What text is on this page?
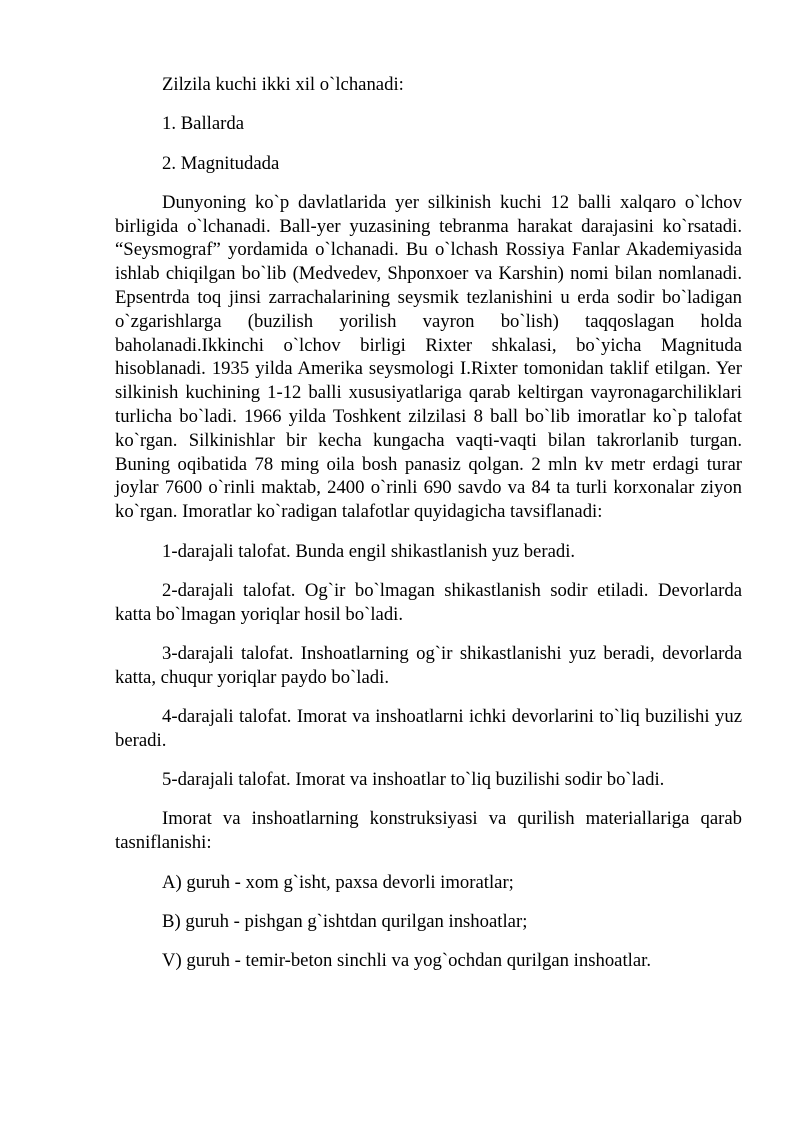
Zilzila kuchi ikki xil o`lchanadi:

1. Ballarda

2. Magnitudada

Dunyoning ko`p davlatlarida yer silkinish kuchi 12 balli xalqaro o`lchov birligida o`lchanadi. Ball-yer yuzasining tebranma harakat darajasini ko`rsatadi. “Seysmograf” yordamida o`lchanadi. Bu o`lchash Rossiya Fanlar Akademiyasida ishlab chiqilgan bo`lib (Medvedev, Shponxoer va Karshin) nomi bilan nomlanadi. Epsentrda toq jinsi zarrachalarining seysmik tezlanishini u erda sodir bo`ladigan o`zgarishlarga (buzilish yorilish vayron bo`lish) taqqoslagan holda baholanadi.Ikkinchi o`lchov birligi Rixter shkalasi, bo`yicha Magnituda hisoblanadi. 1935 yilda Amerika seysmologi I.Rixter tomonidan taklif etilgan. Yer silkinish kuchining 1-12 balli xususiyatlariga qarab keltirgan vayronagarchiliklari turlicha bo`ladi. 1966 yilda Toshkent zilzilasi 8 ball bo`lib imoratlar ko`p talofat ko`rgan. Silkinishlar bir kecha kungacha vaqti-vaqti bilan takrorlanib turgan. Buning oqibatida 78 ming oila bosh panasiz qolgan. 2 mln kv metr erdagi turar joylar 7600 o`rinli maktab, 2400 o`rinli 690 savdo va 84 ta turli korxonalar ziyon ko`rgan. Imoratlar ko`radigan talafotlar quyidagicha tavsiflanadi:

1-darajali talofat. Bunda engil shikastlanish yuz beradi.

2-darajali talofat. Og`ir bo`lmagan shikastlanish sodir etiladi. Devorlarda katta bo`lmagan yoriqlar hosil bo`ladi.

3-darajali talofat. Inshoatlarning og`ir shikastlanishi yuz beradi, devorlarda katta, chuqur yoriqlar paydo bo`ladi.

4-darajali talofat. Imorat va inshoatlarni ichki devorlarini to`liq buzilishi yuz beradi.

5-darajali talofat. Imorat va inshoatlar to`liq buzilishi sodir bo`ladi.

Imorat va inshoatlarning konstruksiyasi va qurilish materiallariga qarab tasniflanishi:

A) guruh - xom g`isht, paxsa devorli imoratlar;

B) guruh - pishgan g`ishtdan qurilgan inshoatlar;

V) guruh - temir-beton sinchli va yog`ochdan qurilgan inshoatlar.
